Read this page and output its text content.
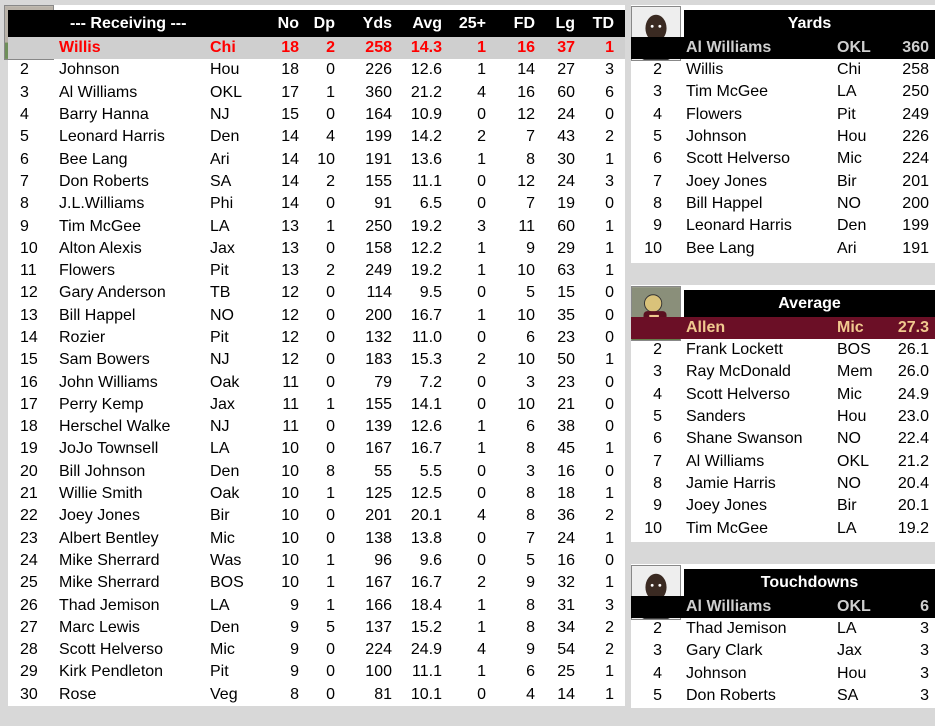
--- Receiving ---			No	Dp	Yds	Avg	25+	FD	Lg	TD
	Willis	Chi	18	2	258	14.3	1	16	37	1
2	Johnson	Hou	18	0	226	12.6	1	14	27	3
3	Al Williams	OKL	17	1	360	21.2	4	16	60	6
4	Barry Hanna	NJ	15	0	164	10.9	0	12	24	0
5	Leonard Harris	Den	14	4	199	14.2	2	7	43	2
6	Bee Lang	Ari	14	10	191	13.6	1	8	30	1
7	Don Roberts	SA	14	2	155	11.1	0	12	24	3
8	J.L.Williams	Phi	14	0	91	6.5	0	7	19	0
9	Tim McGee	LA	13	1	250	19.2	3	11	60	1
10	Alton Alexis	Jax	13	0	158	12.2	1	9	29	1
11	Flowers	Pit	13	2	249	19.2	1	10	63	1
12	Gary Anderson	TB	12	0	114	9.5	0	5	15	0
13	Bill Happel	NO	12	0	200	16.7	1	10	35	0
14	Rozier	Pit	12	0	132	11.0	0	6	23	0
15	Sam Bowers	NJ	12	0	183	15.3	2	10	50	1
16	John Williams	Oak	11	0	79	7.2	0	3	23	0
17	Perry Kemp	Jax	11	1	155	14.1	0	10	21	0
18	Herschel Walke	NJ	11	0	139	12.6	1	6	38	0
19	JoJo Townsell	LA	10	0	167	16.7	1	8	45	1
20	Bill Johnson	Den	10	8	55	5.5	0	3	16	0
21	Willie Smith	Oak	10	1	125	12.5	0	8	18	1
22	Joey Jones	Bir	10	0	201	20.1	4	8	36	2
23	Albert Bentley	Mic	10	0	138	13.8	0	7	24	1
24	Mike Sherrard	Was	10	1	96	9.6	0	5	16	0
25	Mike Sherrard	BOS	10	1	167	16.7	2	9	32	1
26	Thad Jemison	LA	9	1	166	18.4	1	8	31	3
27	Marc Lewis	Den	9	5	137	15.2	1	8	34	2
28	Scott Helverso	Mic	9	0	224	24.9	4	9	54	2
29	Kirk Pendleton	Pit	9	0	100	11.1	1	6	25	1
30	Rose	Veg	8	0	81	10.1	0	4	14	1
Yards
	Al Williams	OKL	360
2	Willis	Chi	258
3	Tim McGee	LA	250
4	Flowers	Pit	249
5	Johnson	Hou	226
6	Scott Helverso	Mic	224
7	Joey Jones	Bir	201
8	Bill Happel	NO	200
9	Leonard Harris	Den	199
10	Bee Lang	Ari	191
Average
	Allen	Mic	27.3
2	Frank Lockett	BOS	26.1
3	Ray McDonald	Mem	26.0
4	Scott Helverso	Mic	24.9
5	Sanders	Hou	23.0
6	Shane Swanson	NO	22.4
7	Al Williams	OKL	21.2
8	Jamie Harris	NO	20.4
9	Joey Jones	Bir	20.1
10	Tim McGee	LA	19.2
Touchdowns
	Al Williams	OKL	6
2	Thad Jemison	LA	3
3	Gary Clark	Jax	3
4	Johnson	Hou	3
5	Don Roberts	SA	3
